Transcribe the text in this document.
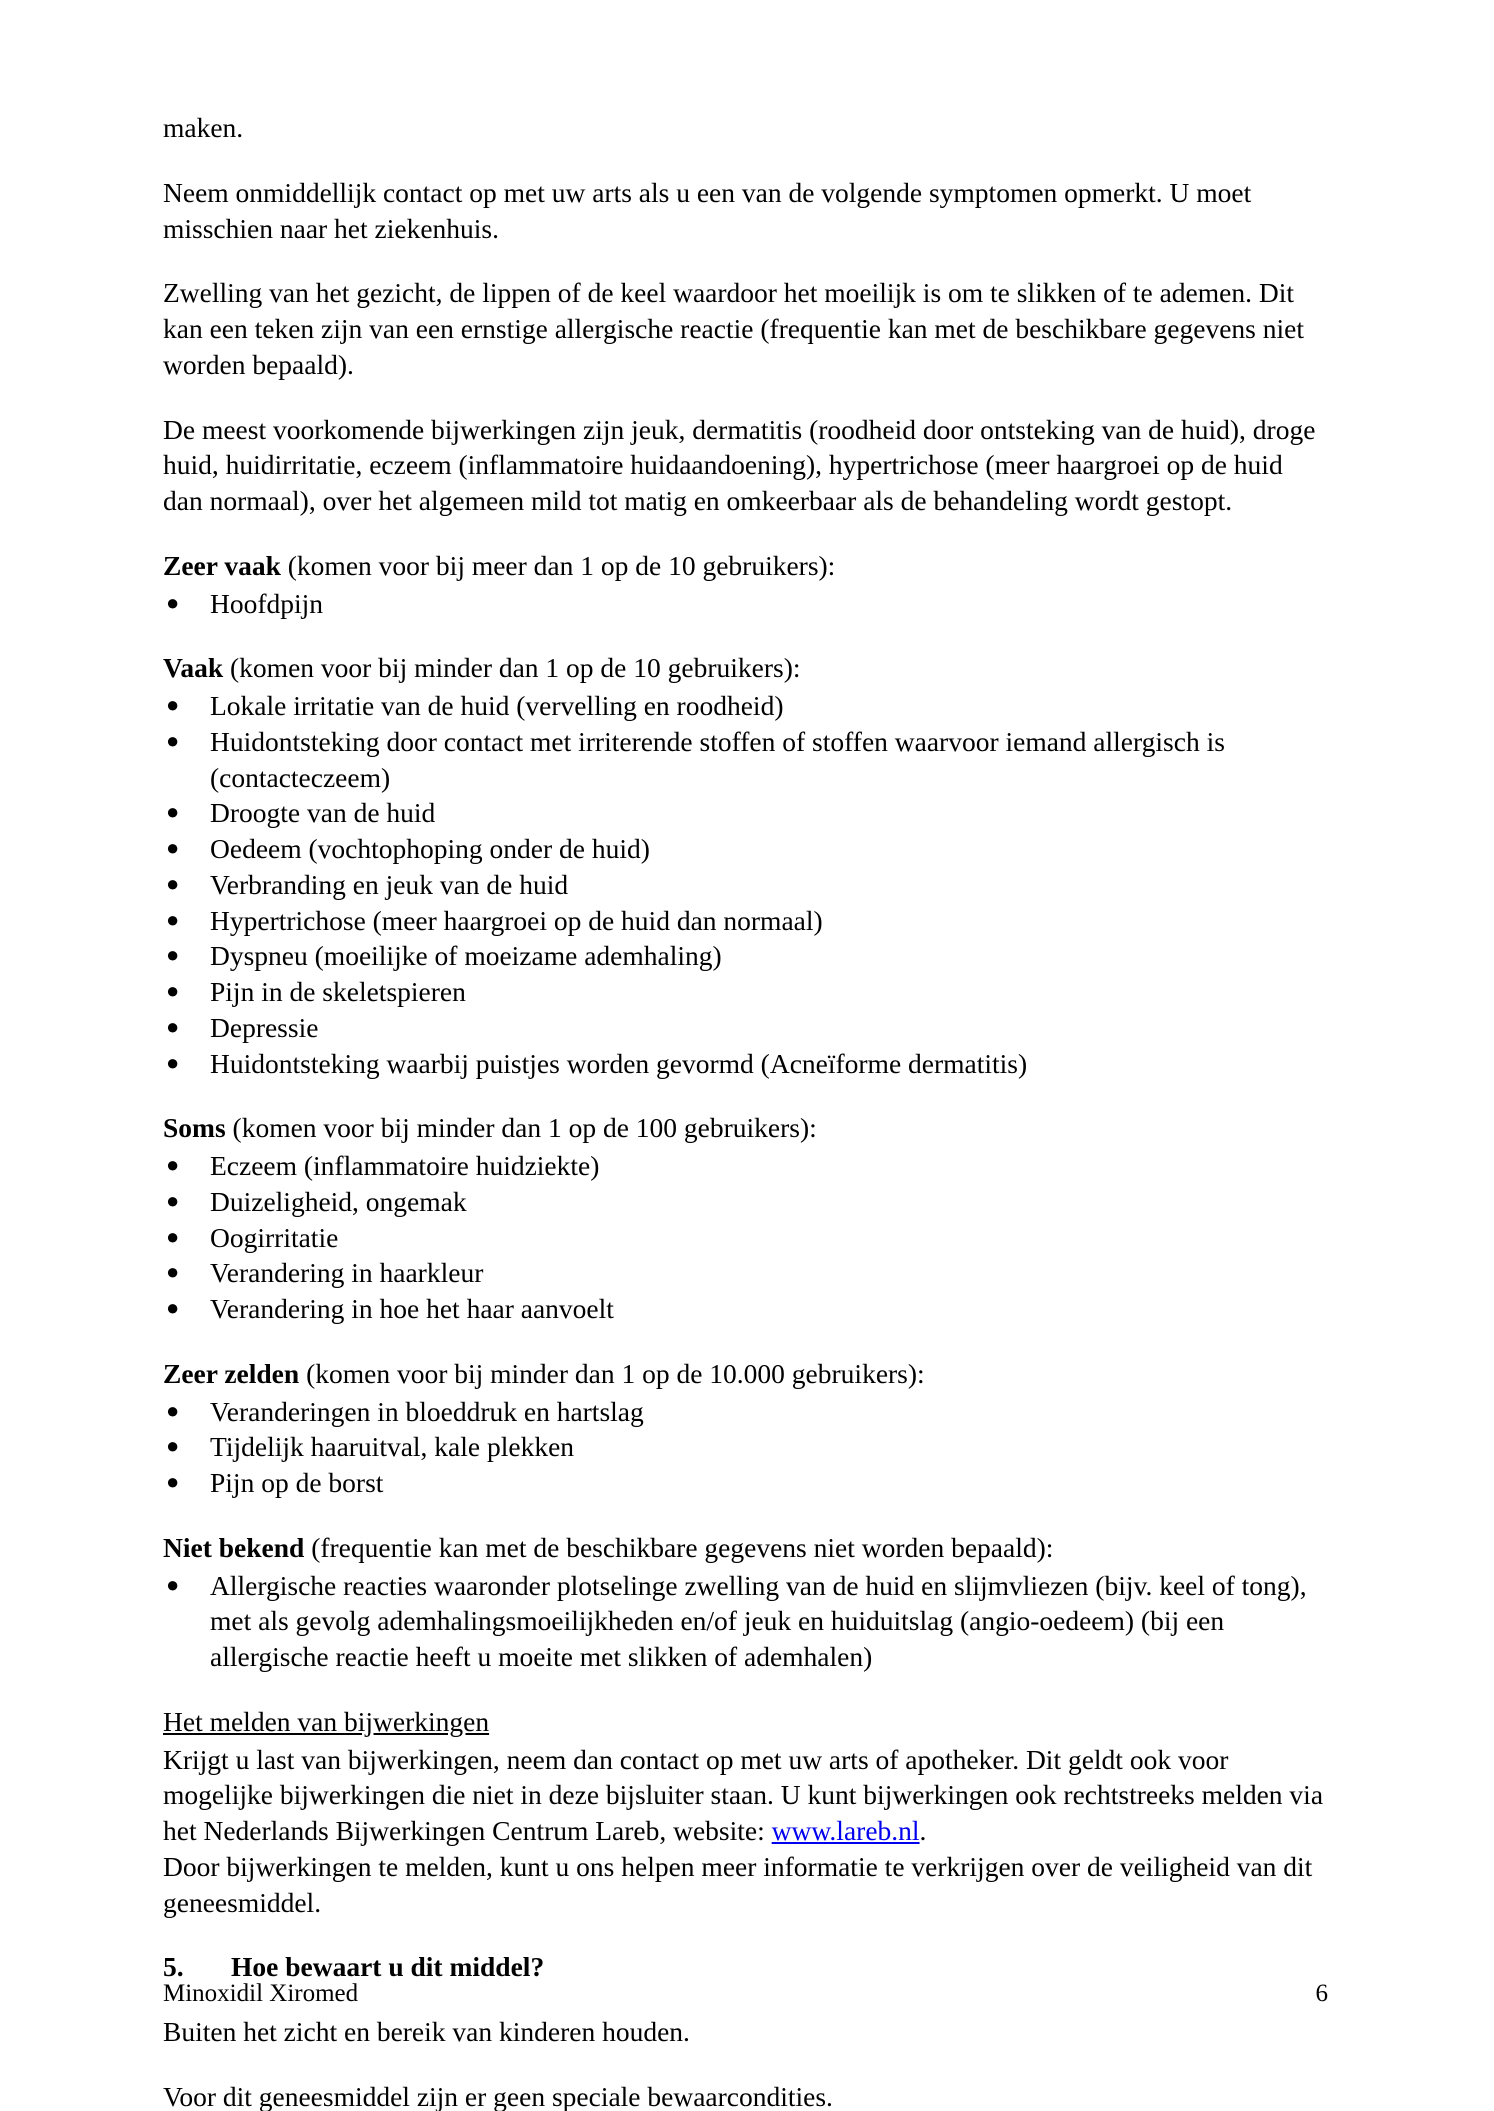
maken.

Neem onmiddellijk contact op met uw arts als u een van de volgende symptomen opmerkt. U moet misschien naar het ziekenhuis.

Zwelling van het gezicht, de lippen of de keel waardoor het moeilijk is om te slikken of te ademen. Dit kan een teken zijn van een ernstige allergische reactie (frequentie kan met de beschikbare gegevens niet worden bepaald).

De meest voorkomende bijwerkingen zijn jeuk, dermatitis (roodheid door ontsteking van de huid), droge huid, huidirritatie, eczeem (inflammatoire huidaandoening), hypertrichose (meer haargroei op de huid dan normaal), over het algemeen mild tot matig en omkeerbaar als de behandeling wordt gestopt.

Zeer vaak (komen voor bij meer dan 1 op de 10 gebruikers):

● Hoofdpijn

Vaak (komen voor bij minder dan 1 op de 10 gebruikers):

● Lokale irritatie van de huid (vervelling en roodheid)
● Huidontsteking door contact met irriterende stoffen of stoffen waarvoor iemand allergisch is (contacteczeem)
● Droogte van de huid
● Oedeem (vochtophoping onder de huid)
● Verbranding en jeuk van de huid
● Hypertrichose (meer haargroei op de huid dan normaal)
● Dyspneu (moeilijke of moeizame ademhaling)
● Pijn in de skeletspieren
● Depressie
● Huidontsteking waarbij puistjes worden gevormd (Acneïforme dermatitis)

Soms (komen voor bij minder dan 1 op de 100 gebruikers):

● Eczeem (inflammatoire huidziekte)
● Duizeligheid, ongemak
● Oogirritatie
● Verandering in haarkleur
● Verandering in hoe het haar aanvoelt

Zeer zelden (komen voor bij minder dan 1 op de 10.000 gebruikers):

● Veranderingen in bloeddruk en hartslag
● Tijdelijk haaruitval, kale plekken
● Pijn op de borst

Niet bekend (frequentie kan met de beschikbare gegevens niet worden bepaald):

● Allergische reacties waaronder plotselinge zwelling van de huid en slijmvliezen (bijv. keel of tong), met als gevolg ademhalingsmoeilijkheden en/of jeuk en huiduitslag (angio-oedeem) (bij een allergische reactie heeft u moeite met slikken of ademhalen)

Het melden van bijwerkingen

Krijgt u last van bijwerkingen, neem dan contact op met uw arts of apotheker. Dit geldt ook voor mogelijke bijwerkingen die niet in deze bijsluiter staan. U kunt bijwerkingen ook rechtstreeks melden via het Nederlands Bijwerkingen Centrum Lareb, website: www.lareb.nl.

Door bijwerkingen te melden, kunt u ons helpen meer informatie te verkrijgen over de veiligheid van dit geneesmiddel.

5.	Hoe bewaart u dit middel?

Buiten het zicht en bereik van kinderen houden.

Voor dit geneesmiddel zijn er geen speciale bewaarcondities.

Minoxidil Xiromed	6
